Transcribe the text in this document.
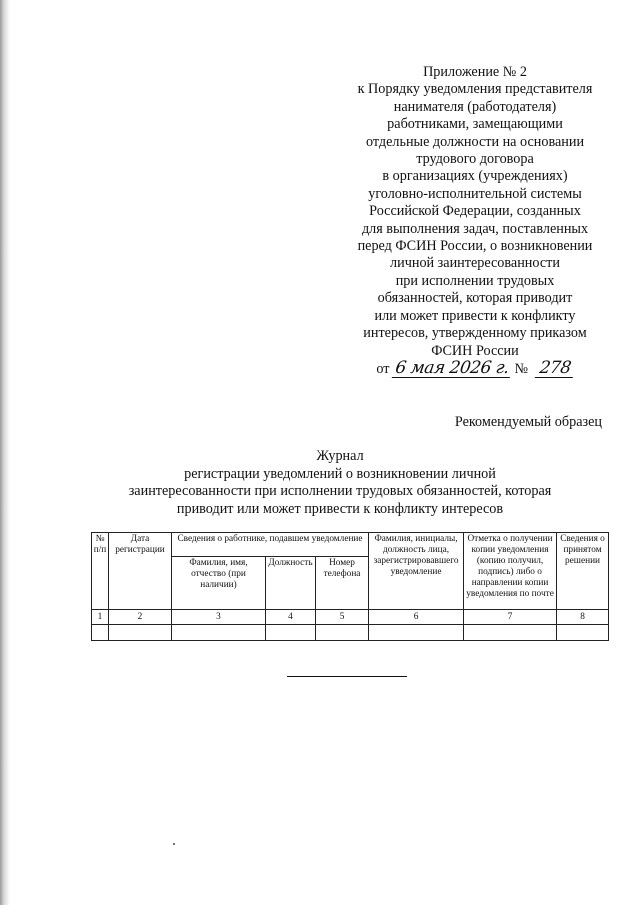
Приложение № 2
к Порядку уведомления представителя
нанимателя (работодателя)
работниками, замещающими
отдельные должности на основании
трудового договора
в организациях (учреждениях)
уголовно-исполнительной системы
Российской Федерации, созданных
для выполнения задач, поставленных
перед ФСИН России, о возникновении
личной заинтересованности
при исполнении трудовых
обязанностей, которая приводит
или может привести к конфликту
интересов, утвержденному приказом
ФСИН России
от 6 мая 2026 г. № 278
Рекомендуемый образец
Журнал
регистрации уведомлений о возникновении личной
заинтересованности при исполнении трудовых обязанностей, которая
приводит или может привести к конфликту интересов
№ п/п	Дата регистрации	Сведения о работнике, подавшем уведомление			Фамилия, инициалы, должность лица, зарегистрировавшего уведомление	Отметка о получении копии уведомления (копию получил, подпись) либо о направлении копии уведомления по почте	Сведения о принятом решении
		Фамилия, имя, отчество (при наличии)	Должность	Номер телефона			
1	2	3	4	5	6	7	8
